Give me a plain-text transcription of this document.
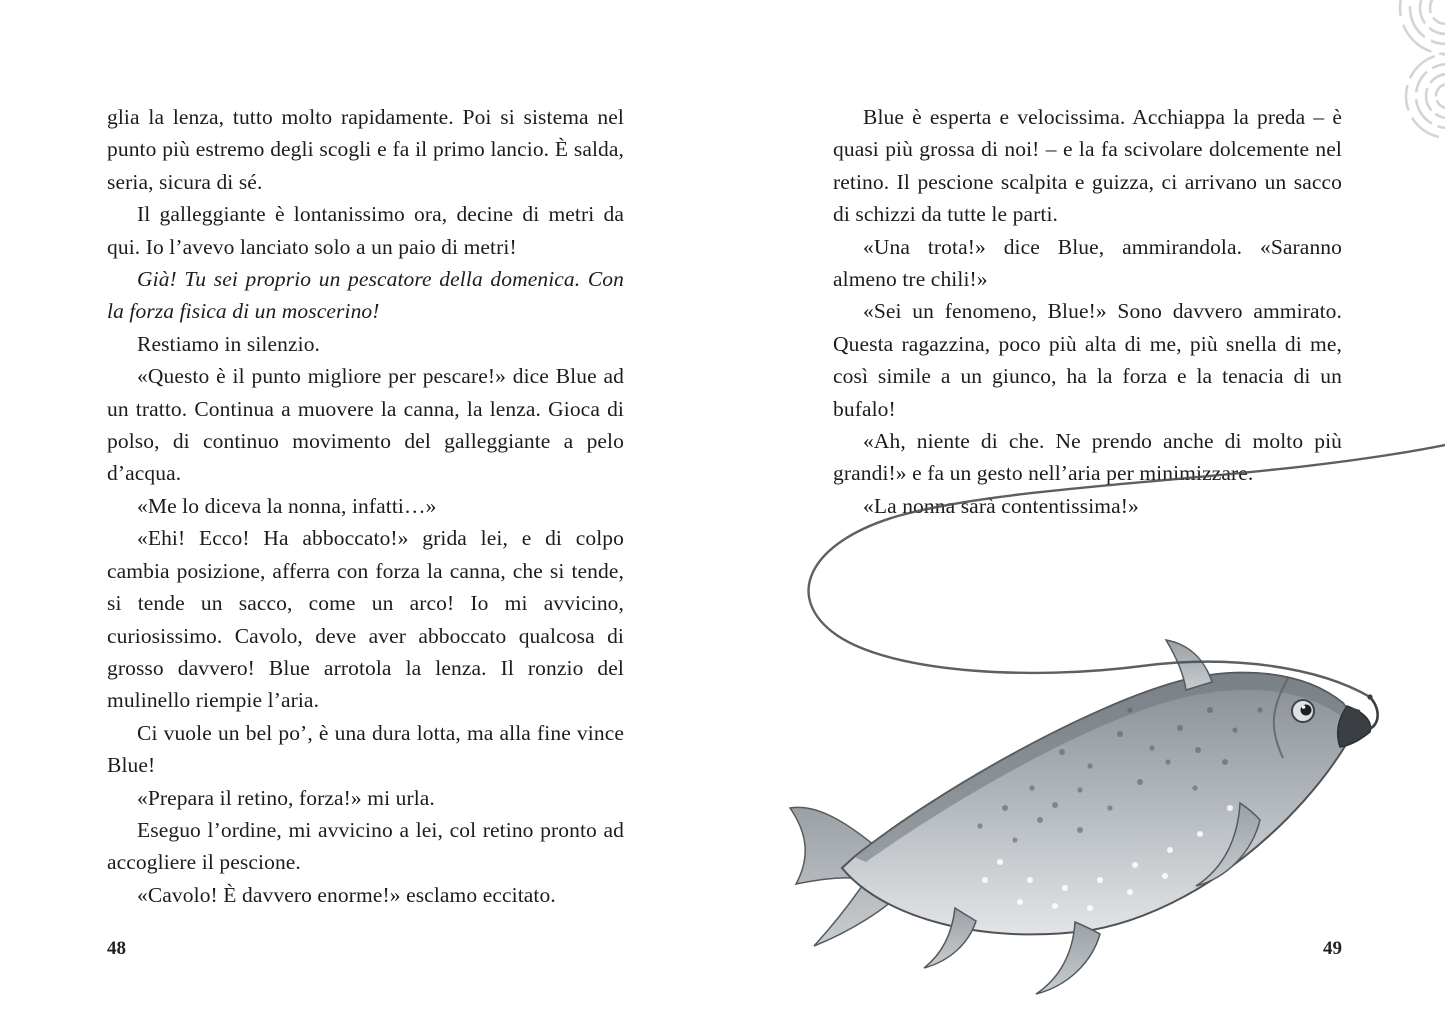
glia la lenza, tutto molto rapidamente. Poi si sistema nel punto più estremo degli scogli e fa il primo lancio. È salda, seria, sicura di sé.

Il galleggiante è lontanissimo ora, decine di metri da qui. Io l’avevo lanciato solo a un paio di metri!

Già! Tu sei proprio un pescatore della domenica. Con la forza fisica di un moscerino!

Restiamo in silenzio.

«Questo è il punto migliore per pescare!» dice Blue ad un tratto. Continua a muovere la canna, la lenza. Gioca di polso, di continuo movimento del galleggiante a pelo d’acqua.

«Me lo diceva la nonna, infatti…»

«Ehi! Ecco! Ha abboccato!» grida lei, e di colpo cambia posizione, afferra con forza la canna, che si tende, si tende un sacco, come un arco! Io mi avvicino, curiosissimo. Cavolo, deve aver abboccato qualcosa di grosso davvero! Blue arrotola la lenza. Il ronzio del mulinello riempie l’aria.

Ci vuole un bel po’, è una dura lotta, ma alla fine vince Blue!

«Prepara il retino, forza!» mi urla.

Eseguo l’ordine, mi avvicino a lei, col retino pronto ad accogliere il pescione.

«Cavolo! È davvero enorme!» esclamo eccitato.

Blue è esperta e velocissima. Acchiappa la preda – è quasi più grossa di noi! – e la fa scivolare dolcemente nel retino. Il pescione scalpita e guizza, ci arrivano un sacco di schizzi da tutte le parti.

«Una trota!» dice Blue, ammirandola. «Saranno almeno tre chili!»

«Sei un fenomeno, Blue!» Sono davvero ammirato. Questa ragazzina, poco più alta di me, più snella di me, così simile a un giunco, ha la forza e la tenacia di un bufalo!

«Ah, niente di che. Ne prendo anche di molto più grandi!» e fa un gesto nell’aria per minimizzare.

«La nonna sarà contentissima!»

48	49
